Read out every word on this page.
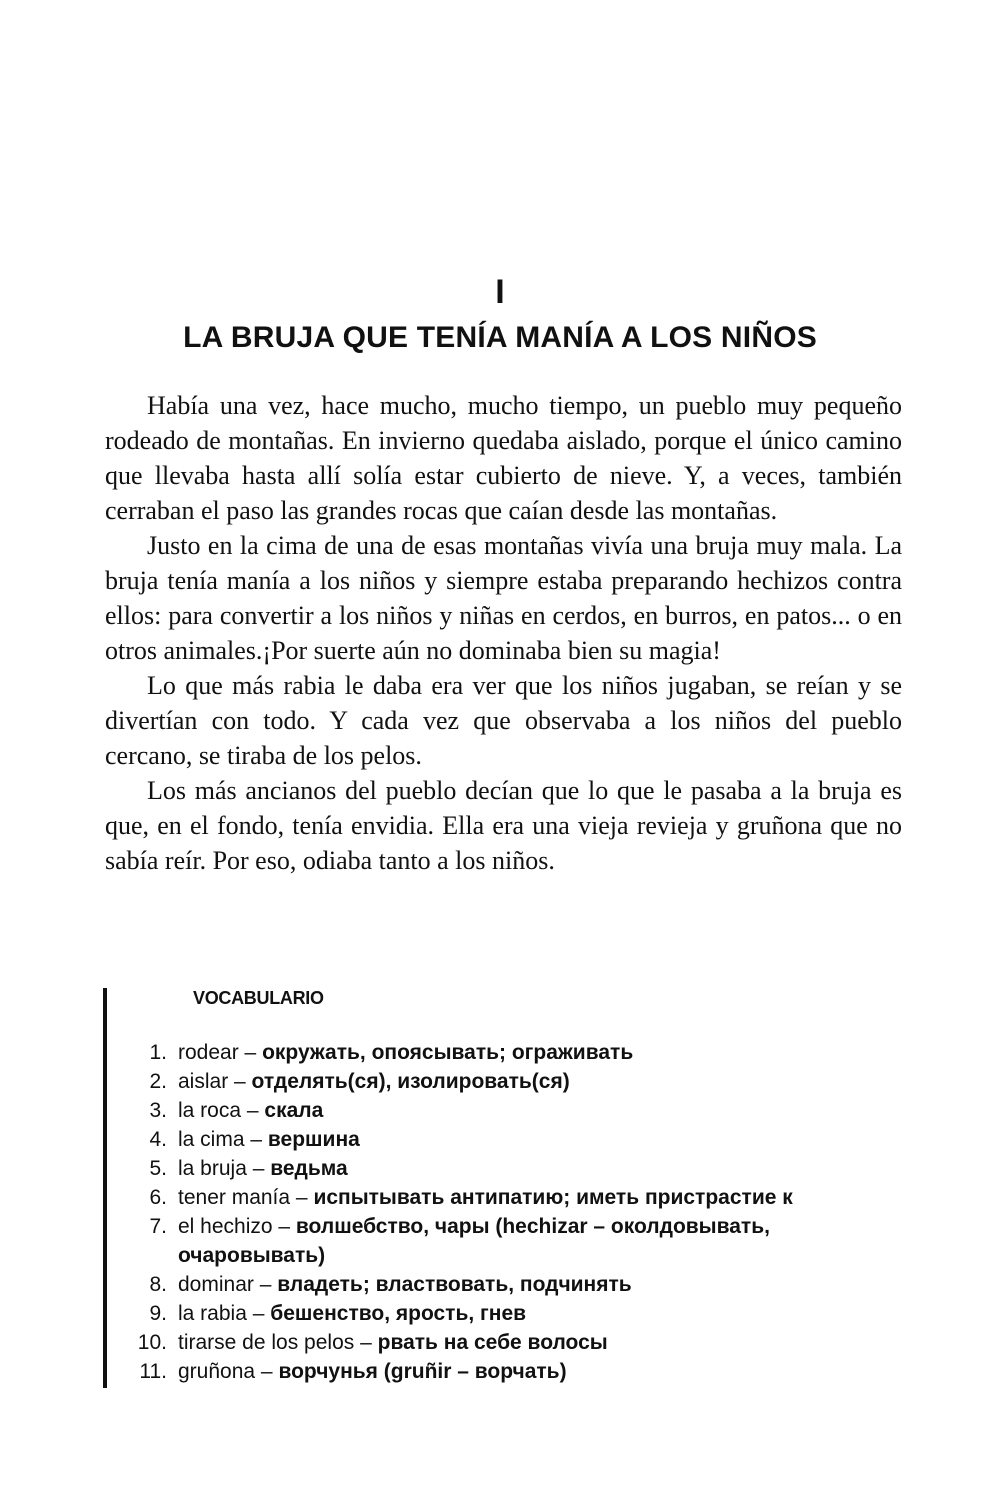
I
LA BRUJA QUE TENÍA MANÍA A LOS NIÑOS

Había una vez, hace mucho, mucho tiempo, un pueblo muy pequeño rodeado de montañas. En invierno quedaba aislado, porque el único camino que llevaba hasta allí solía estar cubierto de nieve. Y, a veces, también cerraban el paso las grandes rocas que caían desde las montañas.

Justo en la cima de una de esas montañas vivía una bruja muy mala. La bruja tenía manía a los niños y siempre estaba preparando hechizos contra ellos: para convertir a los niños y niñas en cerdos, en burros, en patos... o en otros animales.¡Por suerte aún no dominaba bien su magia!

Lo que más rabia le daba era ver que los niños jugaban, se reían y se divertían con todo. Y cada vez que observaba a los niños del pueblo cercano, se tiraba de los pelos.

Los más ancianos del pueblo decían que lo que le pasaba a la bruja es que, en el fondo, tenía envidia. Ella era una vieja revieja y gruñona que no sabía reír. Por eso, odiaba tanto a los niños.

VOCABULARIO
1. rodear – окружать, опоясывать; ограживать
2. aislar – отделять(ся), изолировать(ся)
3. la roca – скала
4. la cima – вершина
5. la bruja – ведьма
6. tener manía – испытывать антипатию; иметь пристрастие к
7. el hechizo – волшебство, чары (hechizar – околдовывать, очаровывать)
8. dominar – владеть; властвовать, подчинять
9. la rabia – бешенство, ярость, гнев
10. tirarse de los pelos – рвать на себе волосы
11. gruñona – ворчунья (gruñir – ворчать)
